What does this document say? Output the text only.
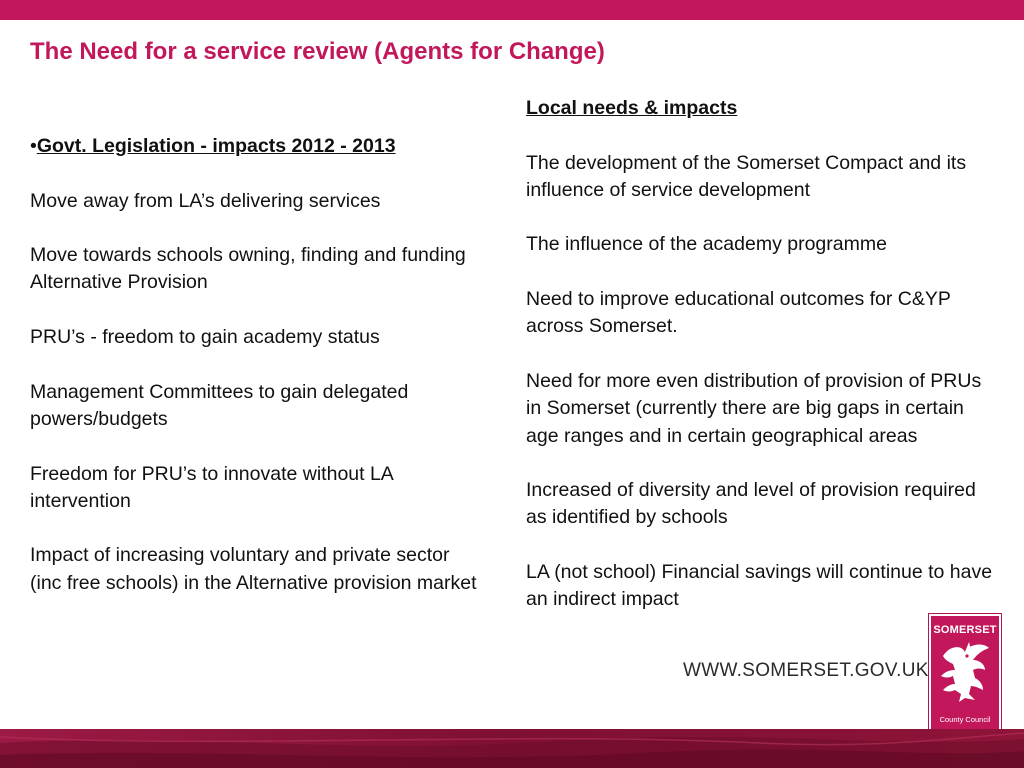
The Need for a service review (Agents for Change)

•Govt. Legislation - impacts 2012 - 2013

Move away from LA’s delivering services

Move towards schools owning, finding and funding Alternative Provision

PRU’s - freedom to gain academy status

Management Committees to gain delegated powers/budgets

Freedom for PRU’s to innovate without LA intervention

Impact of increasing voluntary and private sector (inc free schools) in the Alternative provision market

Local needs & impacts

The development of the Somerset Compact and its influence of service development

The influence of the academy programme

Need to improve educational outcomes for C&YP across Somerset.

Need for more even distribution of provision of PRUs in Somerset (currently there are big gaps in certain age ranges and in certain geographical areas

Increased of diversity and level of provision required as identified by schools

LA (not school) Financial savings will continue to have an indirect impact

WWW.SOMERSET.GOV.UK
SOMERSET
County Council
